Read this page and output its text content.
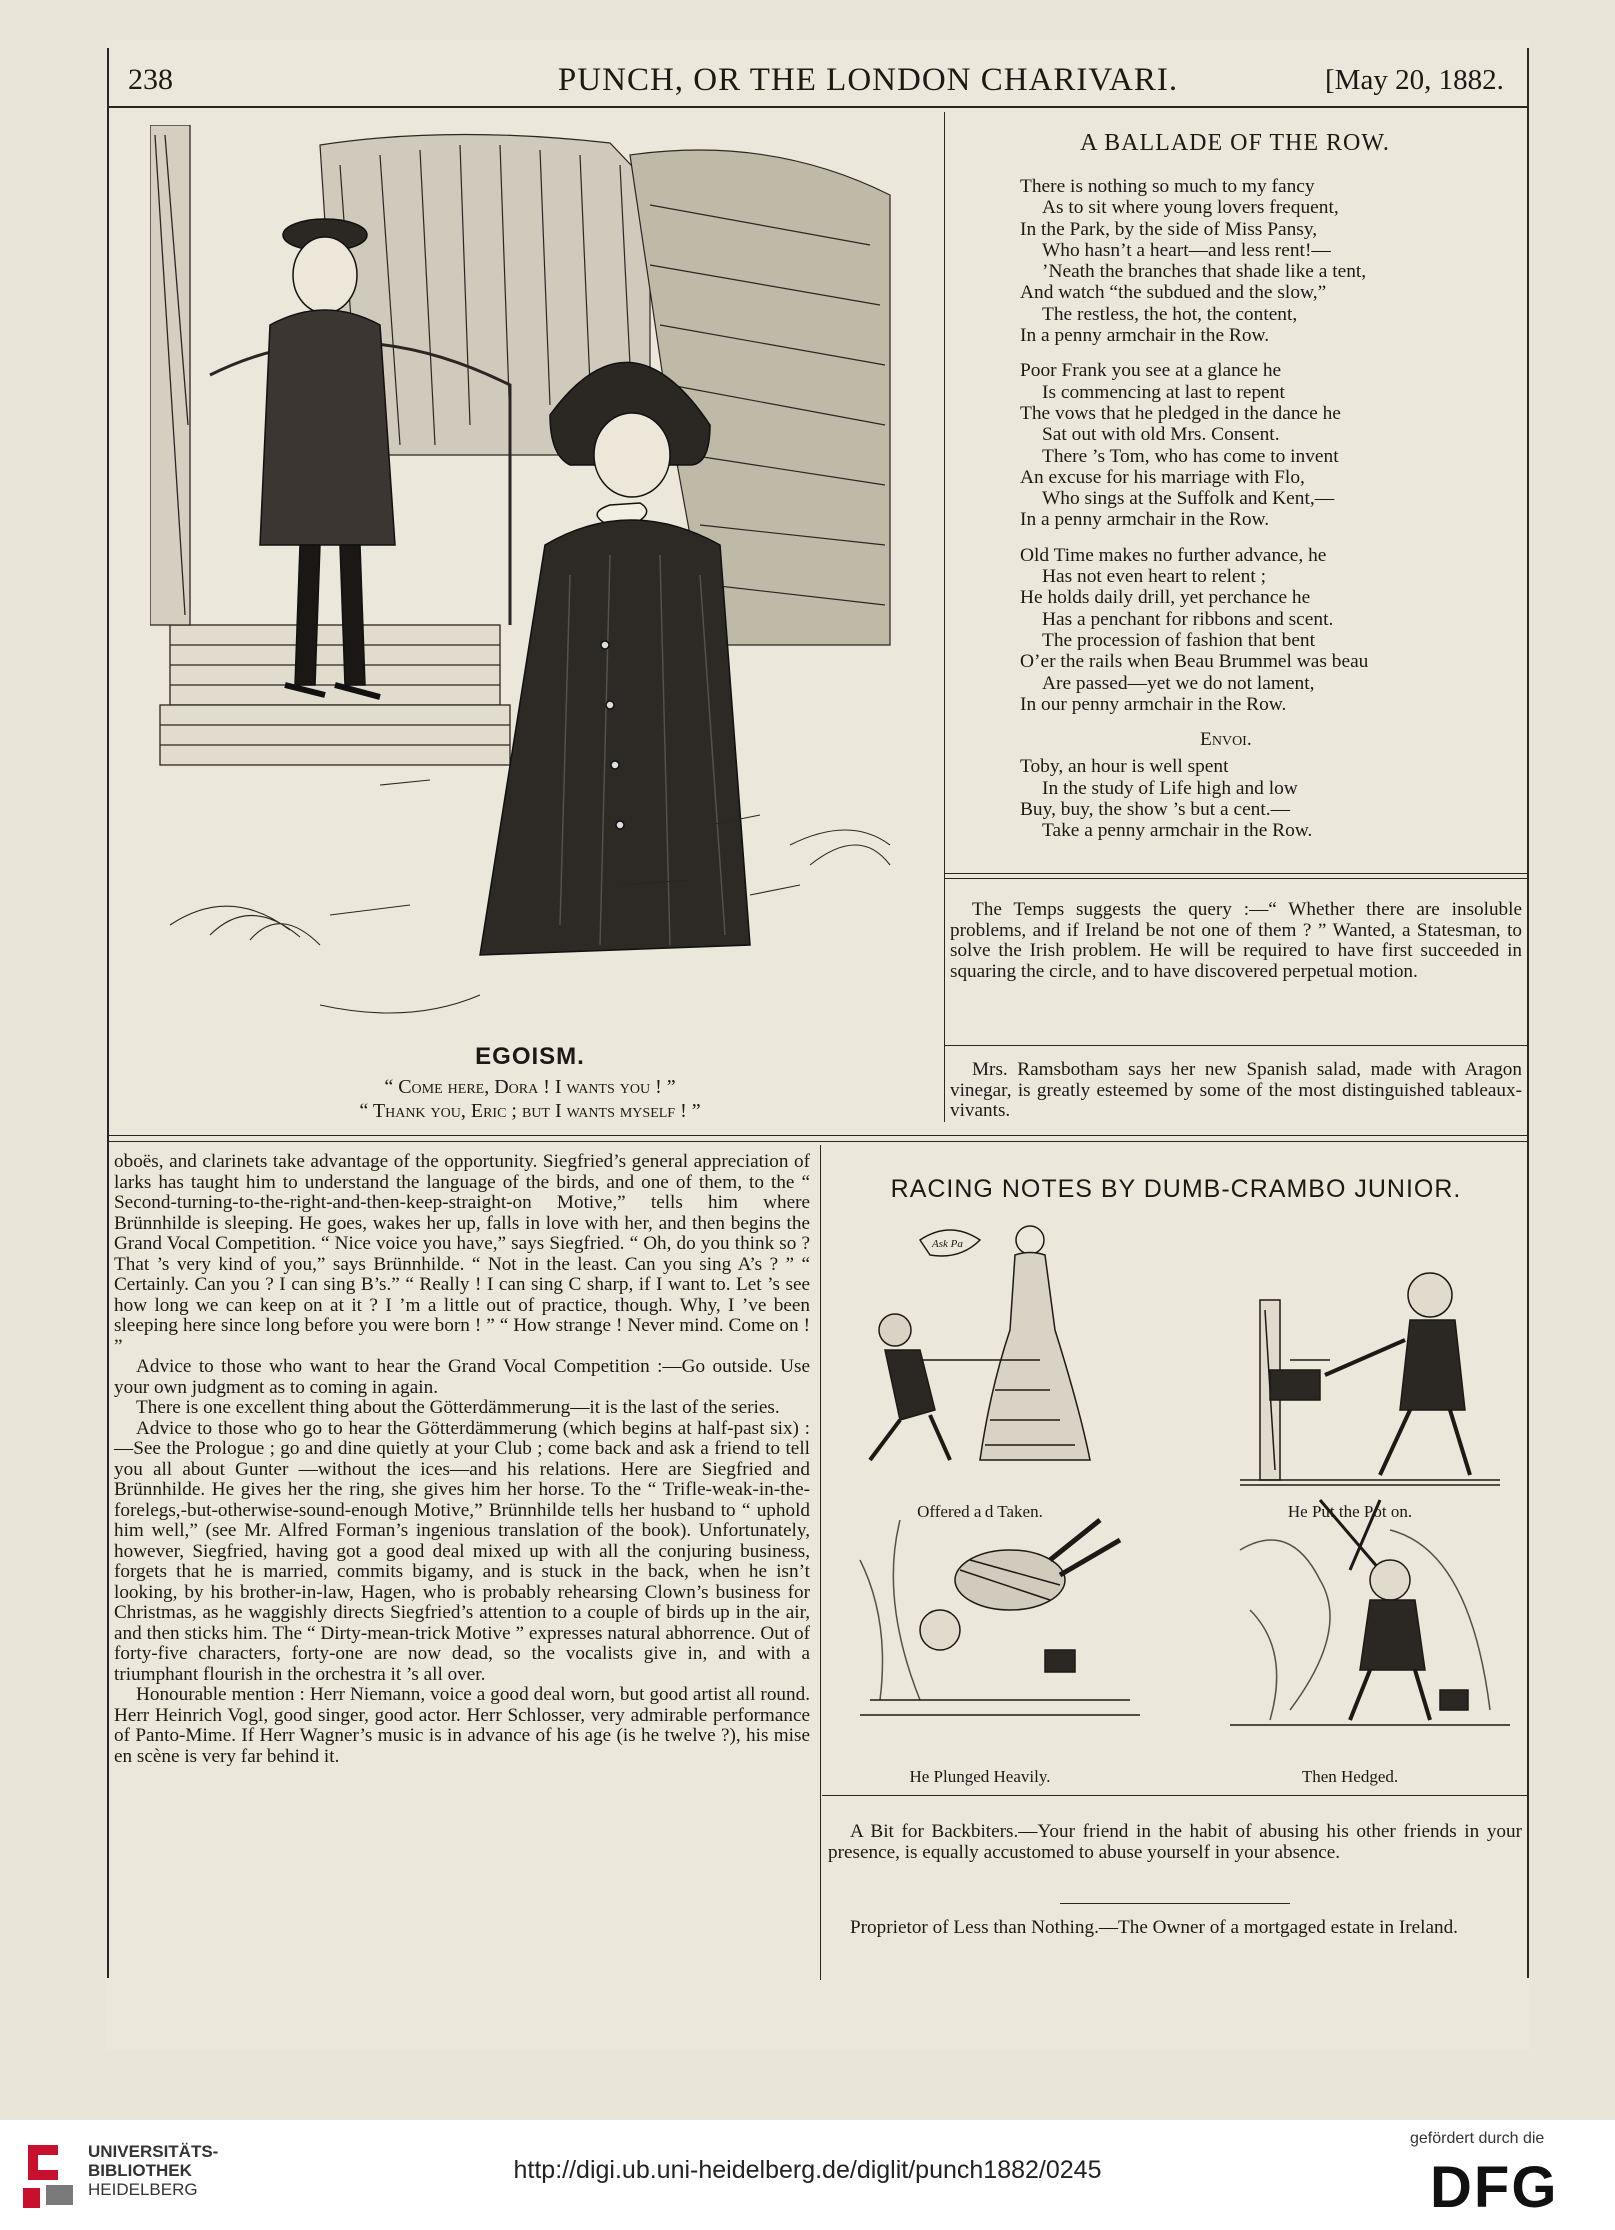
238	PUNCH, OR THE LONDON CHARIVARI.	[May 20, 1882.
EGOISM.
“ Come here, Dora ! I wants you ! ”
“ Thank you, Eric ; but I wants myself ! ”
A BALLADE OF THE ROW.
There is nothing so much to my fancy
As to sit where young lovers frequent,
In the Park, by the side of Miss Pansy,
Who hasn’t a heart—and less rent!—
’Neath the branches that shade like a tent,
And watch “the subdued and the slow,”
The restless, the hot, the content,
In a penny armchair in the Row.
Poor Frank you see at a glance he
Is commencing at last to repent
The vows that he pledged in the dance he
Sat out with old Mrs. Consent.
There ’s Tom, who has come to invent
An excuse for his marriage with Flo,
Who sings at the Suffolk and Kent,—
In a penny armchair in the Row.
Old Time makes no further advance, he
Has not even heart to relent ;
He holds daily drill, yet perchance he
Has a penchant for ribbons and scent.
The procession of fashion that bent
O’er the rails when Beau Brummel was beau
Are passed—yet we do not lament,
In our penny armchair in the Row.
Envoi.
Toby, an hour is well spent
In the study of Life high and low
Buy, buy, the show ’s but a cent.—
Take a penny armchair in the Row.

The Temps suggests the query :—“ Whether there are insoluble problems, and if Ireland be not one of them ? ” Wanted, a Statesman, to solve the Irish problem. He will be required to have first succeeded in squaring the circle, and to have discovered perpetual motion.

Mrs. Ramsbotham says her new Spanish salad, made with Aragon vinegar, is greatly esteemed by some of the most distinguished tableaux-vivants.

oboës, and clarinets take advantage of the opportunity. Siegfried’s general appreciation of larks has taught him to understand the language of the birds, and one of them, to the “ Second-turning-to-the-right-and-then-keep-straight-on Motive,” tells him where Brünnhilde is sleeping. He goes, wakes her up, falls in love with her, and then begins the Grand Vocal Competition. “ Nice voice you have,” says Siegfried. “ Oh, do you think so ? That ’s very kind of you,” says Brünnhilde. “ Not in the least. Can you sing A’s ? ” “ Certainly. Can you ? I can sing B’s.” “ Really ! I can sing C sharp, if I want to. Let ’s see how long we can keep on at it ? I ’m a little out of practice, though. Why, I ’ve been sleeping here since long before you were born ! ” “ How strange ! Never mind. Come on ! ”

Advice to those who want to hear the Grand Vocal Competition :—Go outside. Use your own judgment as to coming in again.

There is one excellent thing about the Götterdämmerung—it is the last of the series.

Advice to those who go to hear the Götterdämmerung (which begins at half-past six) :—See the Prologue ; go and dine quietly at your Club ; come back and ask a friend to tell you all about Gunter —without the ices—and his relations. Here are Siegfried and Brünnhilde. He gives her the ring, she gives him her horse. To the “ Trifle-weak-in-the-forelegs,-but-otherwise-sound-enough Motive,” Brünnhilde tells her husband to “ uphold him well,” (see Mr. Alfred Forman’s ingenious translation of the book). Unfortunately, however, Siegfried, having got a good deal mixed up with all the conjuring business, forgets that he is married, commits bigamy, and is stuck in the back, when he isn’t looking, by his brother-in-law, Hagen, who is probably rehearsing Clown’s business for Christmas, as he waggishly directs Siegfried’s attention to a couple of birds up in the air, and then sticks him. The “ Dirty-mean-trick Motive ” expresses natural abhorrence. Out of forty-five characters, forty-one are now dead, so the vocalists give in, and with a triumphant flourish in the orchestra it ’s all over.

Honourable mention : Herr Niemann, voice a good deal worn, but good artist all round. Herr Heinrich Vogl, good singer, good actor. Herr Schlosser, very admirable performance of Panto-Mime. If Herr Wagner’s music is in advance of his age (is he twelve ?), his mise en scène is very far behind it.

RACING NOTES BY DUMB-CRAMBO JUNIOR.
Ask Pa
Offered a d Taken.	He Put the Pot on.
He Plunged Heavily.	Then Hedged.

A Bit for Backbiters.—Your friend in the habit of abusing his other friends in your presence, is equally accustomed to abuse yourself in your absence.

Proprietor of Less than Nothing.—The Owner of a mortgaged estate in Ireland.

UNIVERSITÄTS-
BIBLIOTHEK
HEIDELBERG
http://digi.ub.uni-heidelberg.de/diglit/punch1882/0245
gefördert durch die
DFG
